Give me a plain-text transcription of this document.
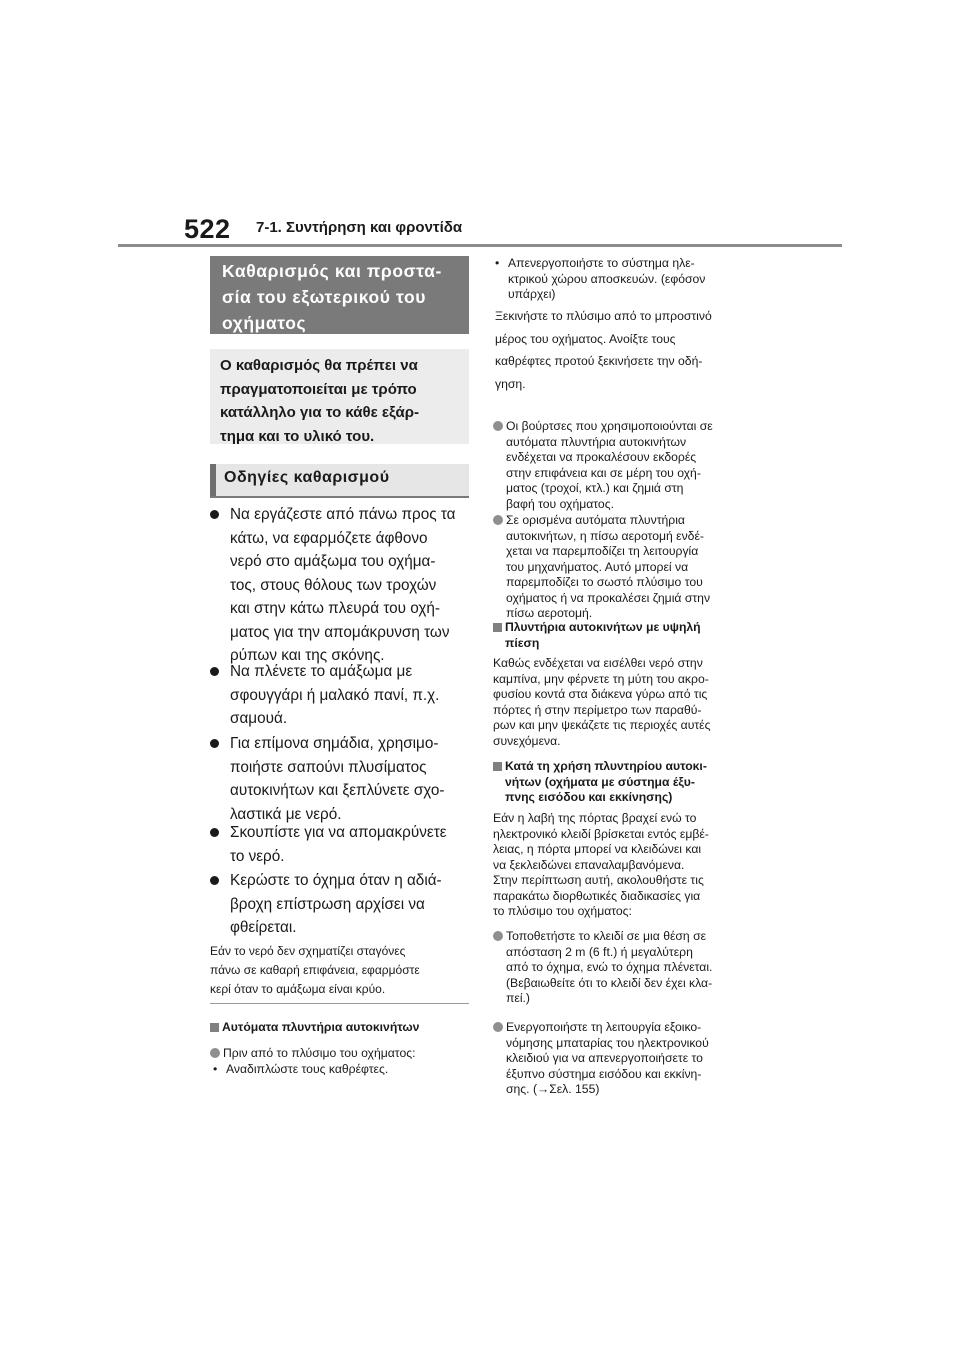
522 7-1. Συντήρηση και φροντίδα
Καθαρισμός και προστα-
σία του εξωτερικού του
οχήματος
Ο καθαρισμός θα πρέπει να
πραγματοποιείται με τρόπο
κατάλληλο για το κάθε εξάρ-
τημα και το υλικό του.
Οδηγίες καθαρισμού
Να εργάζεστε από πάνω προς τα
κάτω, να εφαρμόζετε άφθονο
νερό στο αμάξωμα του οχήμα-
τος, στους θόλους των τροχών
και στην κάτω πλευρά του οχή-
ματος για την απομάκρυνση των
ρύπων και της σκόνης.
Να πλένετε το αμάξωμα με
σφουγγάρι ή μαλακό πανί, π.χ.
σαμουά.
Για επίμονα σημάδια, χρησιμο-
ποιήστε σαπούνι πλυσίματος
αυτοκινήτων και ξεπλύνετε σχο-
λαστικά με νερό.
Σκουπίστε για να απομακρύνετε
το νερό.
Κερώστε το όχημα όταν η αδιά-
βροχη επίστρωση αρχίσει να
φθείρεται.
Εάν το νερό δεν σχηματίζει σταγόνες
πάνω σε καθαρή επιφάνεια, εφαρμόστε
κερί όταν το αμάξωμα είναι κρύο.
Αυτόματα πλυντήρια αυτοκινήτων
Πριν από το πλύσιμο του οχήματος:
• Αναδιπλώστε τους καθρέφτες.
• Απενεργοποιήστε το σύστημα ηλε-
κτρικού χώρου αποσκευών. (εφόσον
υπάρχει)
Ξεκινήστε το πλύσιμο από το μπροστινό
μέρος του οχήματος. Ανοίξτε τους
καθρέφτες προτού ξεκινήσετε την οδή-
γηση.
Οι βούρτσες που χρησιμοποιούνται σε
αυτόματα πλυντήρια αυτοκινήτων
ενδέχεται να προκαλέσουν εκδορές
στην επιφάνεια και σε μέρη του οχή-
ματος (τροχοί, κτλ.) και ζημιά στη
βαφή του οχήματος.
Σε ορισμένα αυτόματα πλυντήρια
αυτοκινήτων, η πίσω αεροτομή ενδέ-
χεται να παρεμποδίζει τη λειτουργία
του μηχανήματος. Αυτό μπορεί να
παρεμποδίζει το σωστό πλύσιμο του
οχήματος ή να προκαλέσει ζημιά στην
πίσω αεροτομή.
Πλυντήρια αυτοκινήτων με υψηλή
πίεση
Καθώς ενδέχεται να εισέλθει νερό στην
καμπίνα, μην φέρνετε τη μύτη του ακρο-
φυσίου κοντά στα διάκενα γύρω από τις
πόρτες ή στην περίμετρο των παραθύ-
ρων και μην ψεκάζετε τις περιοχές αυτές
συνεχόμενα.
Κατά τη χρήση πλυντηρίου αυτοκι-
νήτων (οχήματα με σύστημα έξυ-
πνης εισόδου και εκκίνησης)
Εάν η λαβή της πόρτας βραχεί ενώ το
ηλεκτρονικό κλειδί βρίσκεται εντός εμβέ-
λειας, η πόρτα μπορεί να κλειδώνει και
να ξεκλειδώνει επαναλαμβανόμενα.
Στην περίπτωση αυτή, ακολουθήστε τις
παρακάτω διορθωτικές διαδικασίες για
το πλύσιμο του οχήματος:
Τοποθετήστε το κλειδί σε μια θέση σε
απόσταση 2 m (6 ft.) ή μεγαλύτερη
από το όχημα, ενώ το όχημα πλένεται.
(Βεβαιωθείτε ότι το κλειδί δεν έχει κλα-
πεί.)
Ενεργοποιήστε τη λειτουργία εξοικο-
νόμησης μπαταρίας του ηλεκτρονικού
κλειδιού για να απενεργοποιήσετε το
έξυπνο σύστημα εισόδου και εκκίνη-
σης. (→Σελ. 155)
